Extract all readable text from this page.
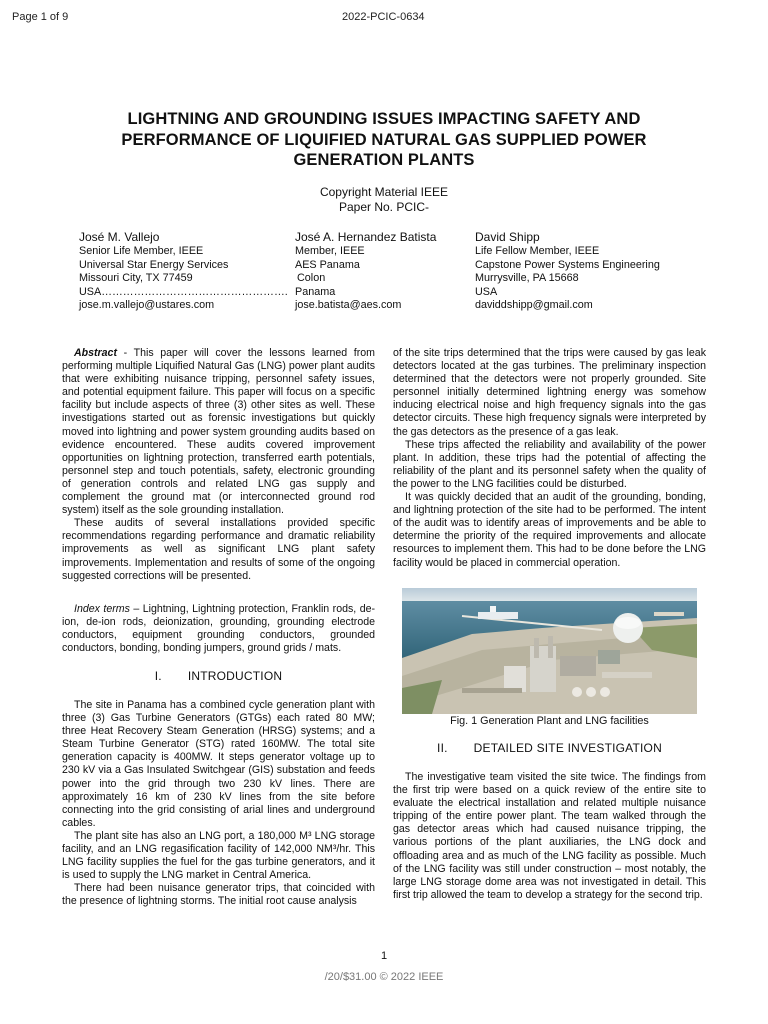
Page 1 of 9	2022-PCIC-0634
LIGHTNING AND GROUNDING ISSUES IMPACTING SAFETY AND
PERFORMANCE OF LIQUIFIED NATURAL GAS SUPPLIED POWER
GENERATION PLANTS
Copyright Material IEEE
Paper No. PCIC-
José M. Vallejo
Senior Life Member, IEEE
Universal Star Energy Services
Missouri City, TX 77459
USA…………………………………………….
jose.m.vallejo@ustares.com
José A. Hernandez Batista
Member, IEEE
AES Panama
Colon
Panama
jose.batista@aes.com
David Shipp
Life Fellow Member, IEEE
Capstone Power Systems Engineering
Murrysville, PA 15668
USA
daviddshipp@gmail.com

Abstract - This paper will cover the lessons learned from performing multiple Liquified Natural Gas (LNG) power plant audits that were exhibiting nuisance tripping, personnel safety issues, and potential equipment failure. This paper will focus on a specific facility but include aspects of three (3) other sites as well. These investigations started out as forensic investigations but quickly moved into lightning and power system grounding audits based on evidence encountered. These audits covered improvement opportunities on lightning protection, transferred earth potentials, personnel step and touch potentials, safety, electronic grounding of generation controls and related LNG gas supply and complement the ground mat (or interconnected ground rod system) itself as the sole grounding installation.

These audits of several installations provided specific recommendations regarding performance and dramatic reliability improvements as well as significant LNG plant safety improvements. Implementation and results of some of the ongoing suggested corrections will be presented.

Index terms – Lightning, Lightning protection, Franklin rods, de-ion, de-ion rods, deionization, grounding, grounding electrode conductors, equipment grounding conductors, grounded conductors, bonding, bonding jumpers, ground grids / mats.

I. INTRODUCTION

The site in Panama has a combined cycle generation plant with three (3) Gas Turbine Generators (GTGs) each rated 80 MW; three Heat Recovery Steam Generation (HRSG) systems; and a Steam Turbine Generator (STG) rated 160MW. The total site generation capacity is 400MW. It steps generator voltage up to 230 kV via a Gas Insulated Switchgear (GIS) substation and feeds power into the grid through two 230 kV lines. There are approximately 16 km of 230 kV lines from the site before connecting into the grid consisting of arial lines and underground cables.

The plant site has also an LNG port, a 180,000 M³ LNG storage facility, and an LNG regasification facility of 142,000 NM³/hr. This LNG facility supplies the fuel for the gas turbine generators, and it is used to supply the LNG market in Central America.

There had been nuisance generator trips, that coincided with the presence of lightning storms. The initial root cause analysis

of the site trips determined that the trips were caused by gas leak detectors located at the gas turbines. The preliminary inspection determined that the detectors were not properly grounded. Site personnel initially determined lightning energy was somehow inducing electrical noise and high frequency signals into the gas detector circuits. These high frequency signals were interpreted by the gas detectors as the presence of a gas leak.

These trips affected the reliability and availability of the power plant. In addition, these trips had the potential of affecting the reliability of the plant and its personnel safety when the quality of the power to the LNG facilities could be disturbed.

It was quickly decided that an audit of the grounding, bonding, and lightning protection of the site had to be performed. The intent of the audit was to identify areas of improvements and be able to determine the priority of the required improvements and allocate resources to implement them. This had to be done before the LNG facility would be placed in commercial operation.

Fig. 1 Generation Plant and LNG facilities
II. DETAILED SITE INVESTIGATION

The investigative team visited the site twice. The findings from the first trip were based on a quick review of the entire site to evaluate the electrical installation and related multiple nuisance tripping of the entire power plant. The team walked through the gas detector areas which had caused nuisance tripping, the various portions of the plant auxiliaries, the LNG dock and offloading area and as much of the LNG facility as possible. Much of the LNG facility was still under construction – most notably, the large LNG storage dome area was not investigated in detail. This first trip allowed the team to develop a strategy for the second trip.

1
/20/$31.00 © 2022 IEEE
